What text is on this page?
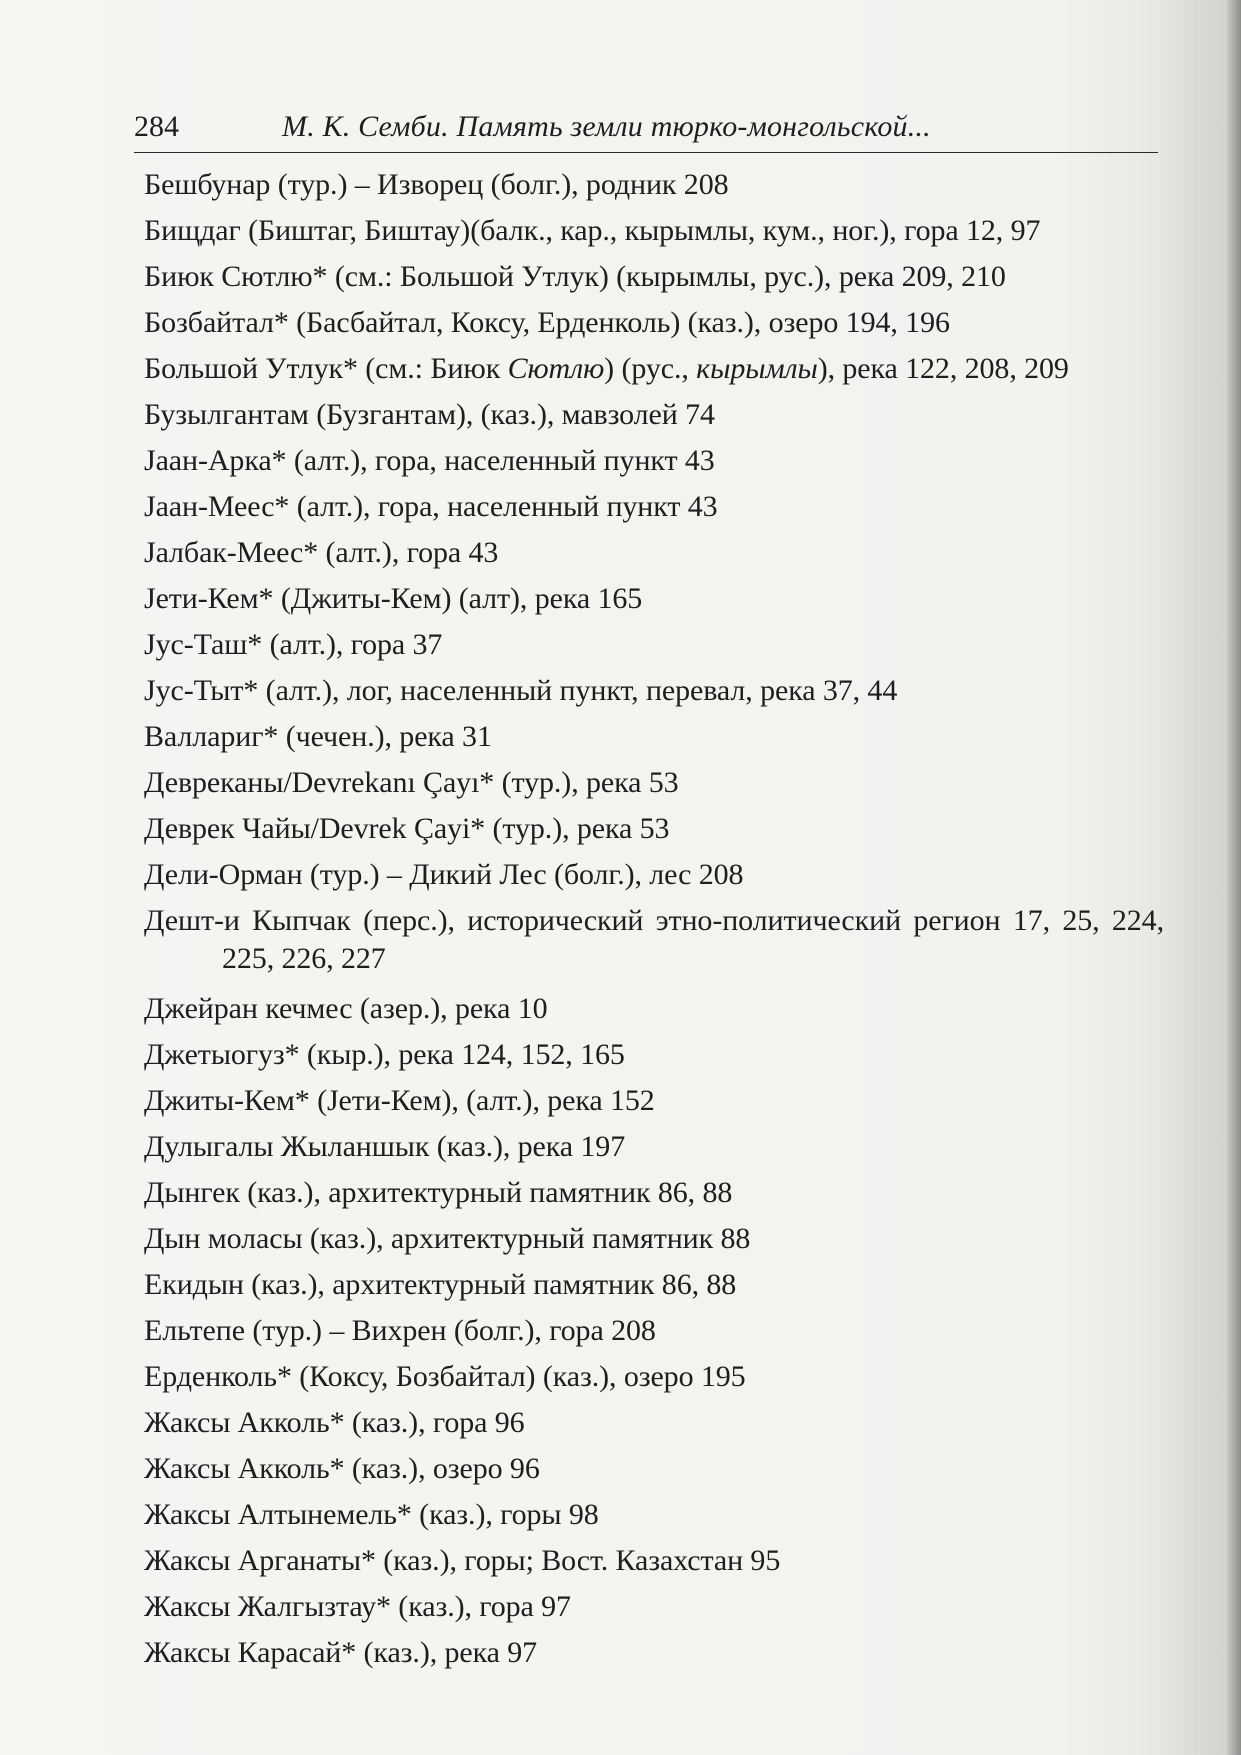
284	М. К. Семби. Память земли тюрко-монгольской...
Бешбунар (тур.) – Изворец (болг.), родник 208
Бищдаг (Биштаг, Биштау)(балк., кар., кырымлы, кум., ног.), гора 12, 97
Биюк Сютлю* (см.: Большой Утлук) (кырымлы, рус.), река 209, 210
Бозбайтал* (Басбайтал, Коксу, Ерденколь) (каз.), озеро 194, 196
Большой Утлук* (см.: Биюк Сютлю) (рус., кырымлы), река 122, 208, 209
Бузылгантам (Бузгантам), (каз.), мавзолей 74
Јаан-Арка* (алт.), гора, населенный пункт 43
Јаан-Меес* (алт.), гора, населенный пункт 43
Јалбак-Меес* (алт.), гора 43
Јети-Кем* (Джиты-Кем) (алт), река 165
Јус-Таш* (алт.), гора 37
Јус-Тыт* (алт.), лог, населенный пункт, перевал, река 37, 44
Валлариг* (чечен.), река 31
Девреканы/Devrekanı Çayı* (тур.), река 53
Деврек Чайы/Devrek Çayi* (тур.), река 53
Дели-Орман (тур.) – Дикий Лес (болг.), лес 208
Дешт-и Кыпчак (перс.), исторический этно-политический регион 17, 25, 224, 225, 226, 227
Джейран кечмес (азер.), река 10
Джетыогуз* (кыр.), река 124, 152, 165
Джиты-Кем* (Јети-Кем), (алт.), река 152
Дулыгалы Жыланшык (каз.), река 197
Дынгек (каз.), архитектурный памятник 86, 88
Дын моласы (каз.), архитектурный памятник 88
Екидын (каз.), архитектурный памятник 86, 88
Ельтепе (тур.) – Вихрен (болг.), гора 208
Ерденколь* (Коксу, Бозбайтал) (каз.), озеро 195
Жаксы Акколь* (каз.), гора 96
Жаксы Акколь* (каз.), озеро 96
Жаксы Алтынемель* (каз.), горы 98
Жаксы Арганаты* (каз.), горы; Вост. Казахстан 95
Жаксы Жалгызтау* (каз.), гора 97
Жаксы Карасай* (каз.), река 97
